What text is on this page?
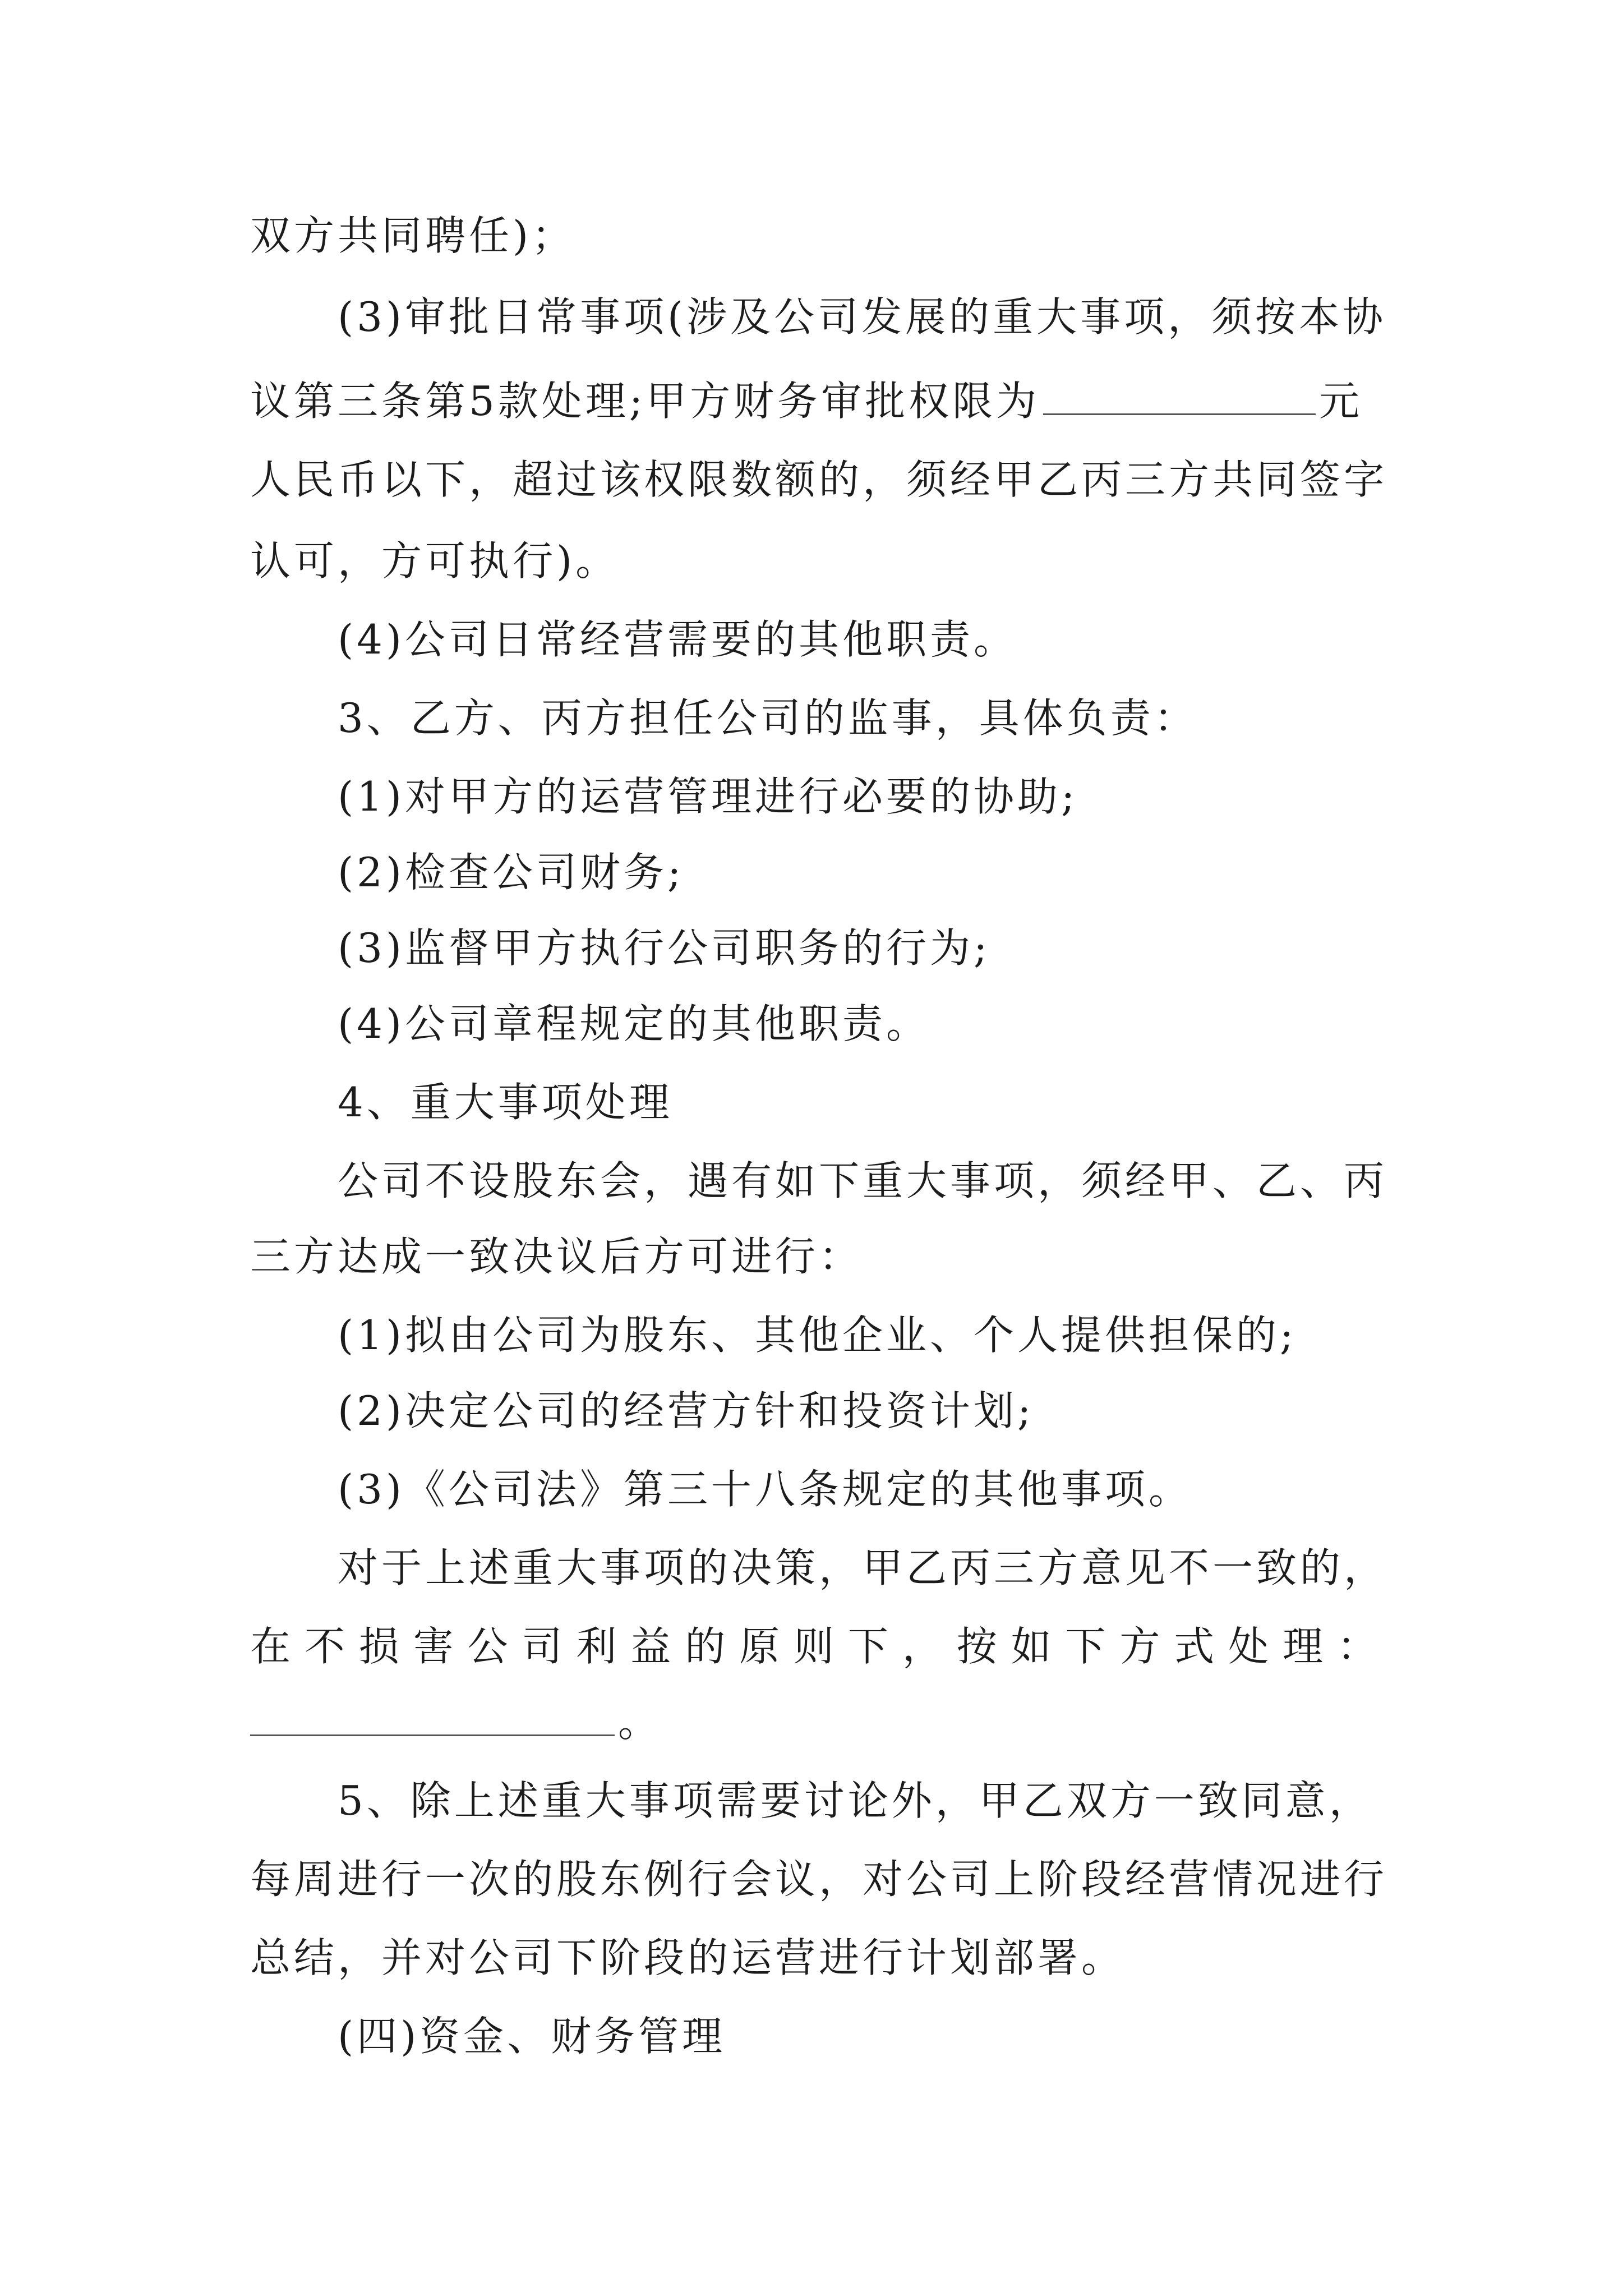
双方共同聘任)；
(3)审批日常事项(涉及公司发展的重大事项，须按本协
议第三条第5款处理;甲方财务审批权限为	元
人民币以下，超过该权限数额的，须经甲乙丙三方共同签字
认可，方可执行)。
(4)公司日常经营需要的其他职责。
3、乙方、丙方担任公司的监事，具体负责：
(1)对甲方的运营管理进行必要的协助;
(2)检查公司财务;
(3)监督甲方执行公司职务的行为;
(4)公司章程规定的其他职责。
4、重大事项处理
公司不设股东会，遇有如下重大事项，须经甲、乙、丙
三方达成一致决议后方可进行：
(1)拟由公司为股东、其他企业、个人提供担保的;
(2)决定公司的经营方针和投资计划;
(3)《公司法》第三十八条规定的其他事项。
对于上述重大事项的决策，甲乙丙三方意见不一致的，
在不损害公司利益的原则下，按如下方式处理：
。
5、除上述重大事项需要讨论外，甲乙双方一致同意，
每周进行一次的股东例行会议，对公司上阶段经营情况进行
总结，并对公司下阶段的运营进行计划部署。
(四)资金、财务管理
